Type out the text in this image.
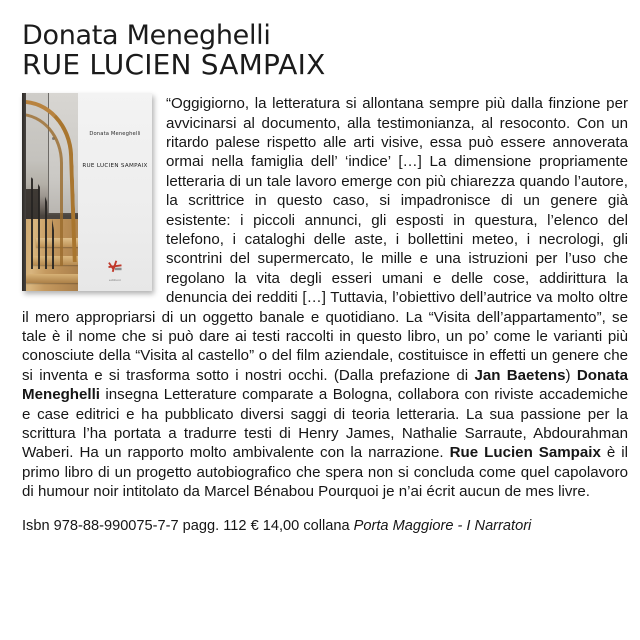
Donata Meneghelli
RUE LUCIEN SAMPAIX
Donata Meneghelli
RUE LUCIEN SAMPAIX
edizioni

“Oggigiorno, la letteratura si allontana sempre più dalla finzione per avvicinarsi al documento, alla testimonianza, al resoconto. Con un ritardo palese rispetto alle arti visive, essa può essere annoverata ormai nella famiglia dell’ ‘indice’ […] La dimensione propriamente letteraria di un tale lavoro emerge con più chiarezza quando l’autore, la scrittrice in questo caso, si impadronisce di un genere già esistente: i piccoli annunci, gli esposti in questura, l’elenco del telefono, i cataloghi delle aste, i bollettini meteo, i necrologi, gli scontrini del supermercato, le mille e una istruzioni per l’uso che regolano la vita degli esseri umani e delle cose, addirittura la denuncia dei redditi […] Tuttavia, l’obiettivo dell’autrice va molto oltre il mero appropriarsi di un oggetto banale e quotidiano. La “Visita dell’appartamento”, se tale è il nome che si può dare ai testi raccolti in questo libro, un po’ come le varianti più conosciute della “Visita al castello” o del film aziendale, costituisce in effetti un genere che si inventa e si trasforma sotto i nostri occhi. (Dalla prefazione di Jan Baetens) Donata Meneghelli insegna Letterature comparate a Bologna, collabora con riviste accademiche e case editrici e ha pubblicato diversi saggi di teoria letteraria. La sua passione per la scrittura l’ha portata a tradurre testi di Henry James, Nathalie Sarraute, Abdourahman Waberi. Ha un rapporto molto ambivalente con la narrazione. Rue Lucien Sampaix è il primo libro di un progetto autobiografico che spera non si concluda come quel capolavoro di humour noir intitolato da Marcel Bénabou Pourquoi je n’ai écrit aucun de mes livre.

Isbn 978-88-990075-7-7 pagg. 112 € 14,00 collana Porta Maggiore - I Narratori
